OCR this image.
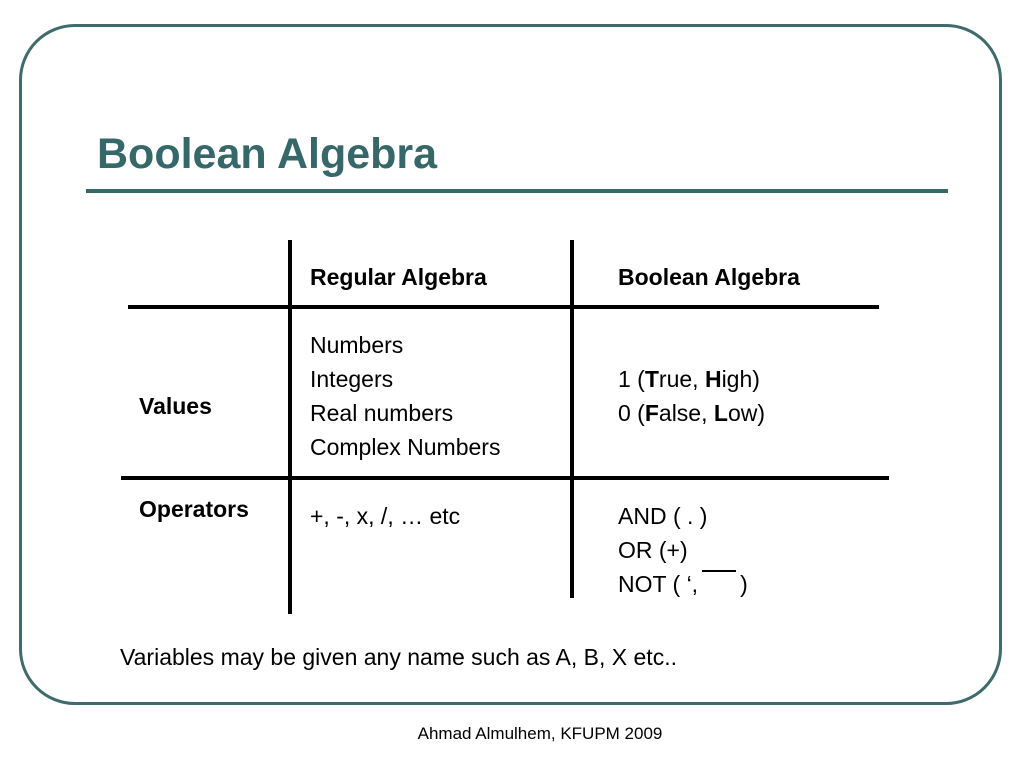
Boolean Algebra
Regular Algebra	Boolean Algebra
Values
Operators
Numbers
Integers
Real numbers
Complex Numbers
1 (True, High)
0 (False, Low)
+, -, x, /, … etc	AND ( . )
OR (+)
NOT ( ‘, )
Variables may be given any name such as A, B, X etc..
Ahmad Almulhem, KFUPM 2009
